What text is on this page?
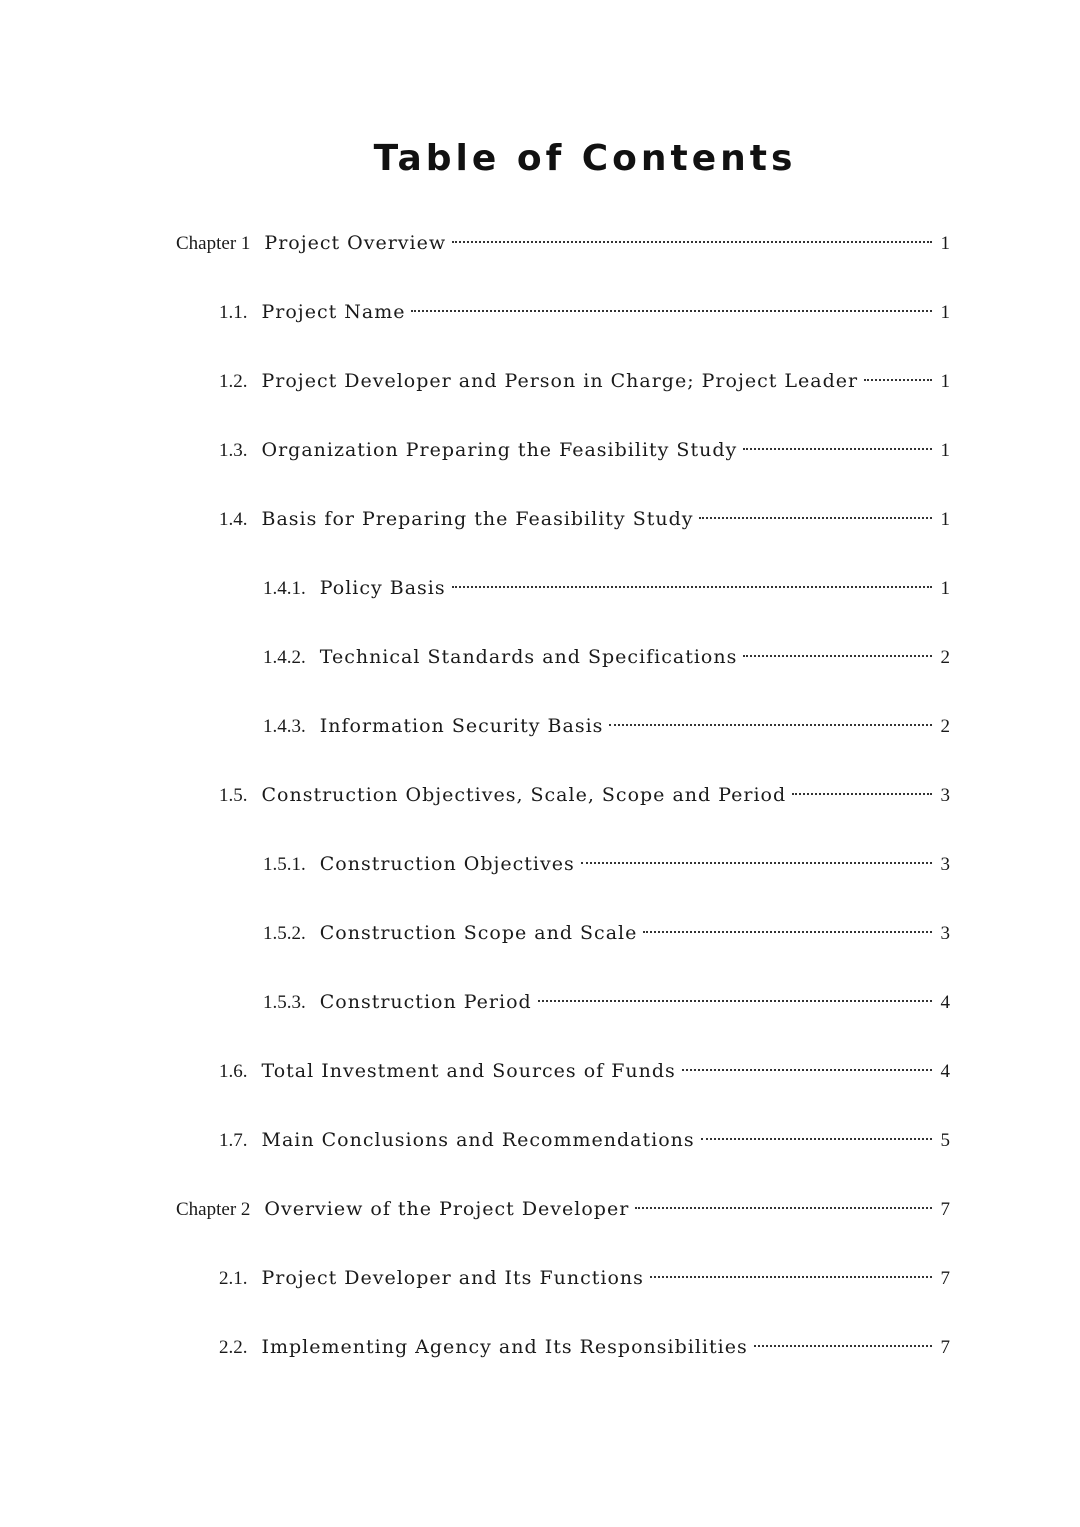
Table of Contents
Chapter 1 Project Overview	1
1.1. Project Name	1
1.2. Project Developer and Person in Charge; Project Leader	1
1.3. Organization Preparing the Feasibility Study	1
1.4. Basis for Preparing the Feasibility Study	1
1.4.1. Policy Basis	1
1.4.2. Technical Standards and Specifications	2
1.4.3. Information Security Basis	2
1.5. Construction Objectives, Scale, Scope and Period	3
1.5.1. Construction Objectives	3
1.5.2. Construction Scope and Scale	3
1.5.3. Construction Period	4
1.6. Total Investment and Sources of Funds	4
1.7. Main Conclusions and Recommendations	5
Chapter 2 Overview of the Project Developer	7
2.1. Project Developer and Its Functions	7
2.2. Implementing Agency and Its Responsibilities	7
